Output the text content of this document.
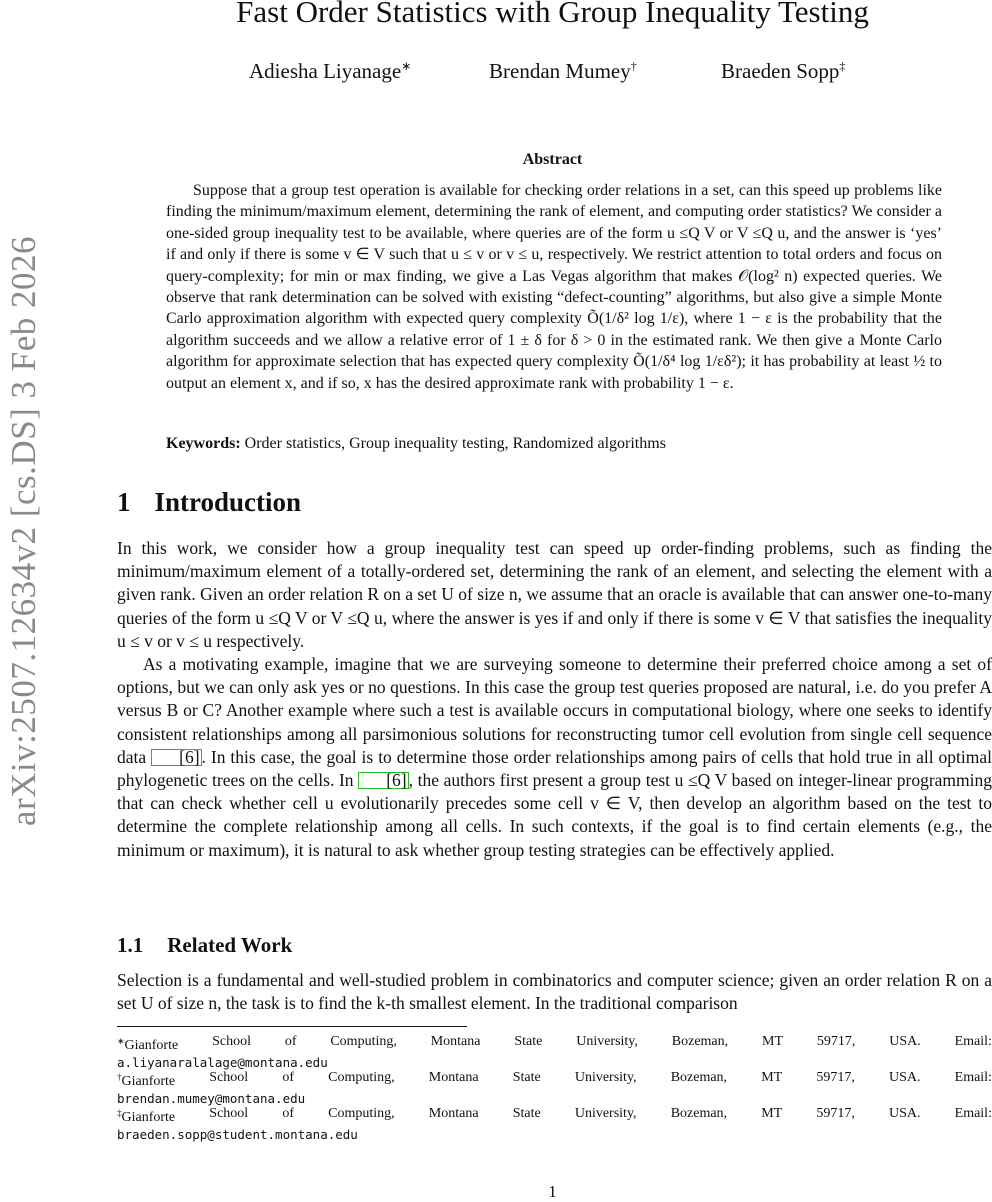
arXiv:2507.12634v2 [cs.DS] 3 Feb 2026
Fast Order Statistics with Group Inequality Testing
Adiesha Liyanage∗	Brendan Mumey†	Braeden Sopp‡
Abstract

Suppose that a group test operation is available for checking order relations in a set, can this speed up problems like finding the minimum/maximum element, determining the rank of element, and computing order statistics? We consider a one-sided group inequality test to be available, where queries are of the form u ≤Q V or V ≤Q u, and the answer is ‘yes’ if and only if there is some v ∈ V such that u ≤ v or v ≤ u, respectively. We restrict attention to total orders and focus on query-complexity; for min or max finding, we give a Las Vegas algorithm that makes 𝒪(log² n) expected queries. We observe that rank determination can be solved with existing “defect-counting” algorithms, but also give a simple Monte Carlo approximation algorithm with expected query complexity Õ(1/δ² log 1/ε), where 1 − ε is the probability that the algorithm succeeds and we allow a relative error of 1 ± δ for δ > 0 in the estimated rank. We then give a Monte Carlo algorithm for approximate selection that has expected query complexity Õ(1/δ⁴ log 1/εδ²); it has probability at least ½ to output an element x, and if so, x has the desired approximate rank with probability 1 − ε.

Keywords: Order statistics, Group inequality testing, Randomized algorithms
1 Introduction

In this work, we consider how a group inequality test can speed up order-finding problems, such as finding the minimum/maximum element of a totally-ordered set, determining the rank of an element, and selecting the element with a given rank. Given an order relation R on a set U of size n, we assume that an oracle is available that can answer one-to-many queries of the form u ≤Q V or V ≤Q u, where the answer is yes if and only if there is some v ∈ V that satisfies the inequality u ≤ v or v ≤ u respectively.

As a motivating example, imagine that we are surveying someone to determine their preferred choice among a set of options, but we can only ask yes or no questions. In this case the group test queries proposed are natural, i.e. do you prefer A versus B or C? Another example where such a test is available occurs in computational biology, where one seeks to identify consistent relationships among all parsimonious solutions for reconstructing tumor cell evolution from single cell sequence data [6] . In this case, the goal is to determine those order relationships among pairs of cells that hold true in all optimal phylogenetic trees on the cells. In [6] , the authors first present a group test u ≤Q V based on integer-linear programming that can check whether cell u evolutionarily precedes some cell v ∈ V, then develop an algorithm based on the test to determine the complete relationship among all cells. In such contexts, if the goal is to find certain elements (e.g., the minimum or maximum), it is natural to ask whether group testing strategies can be effectively applied.

1.1 Related Work

Selection is a fundamental and well-studied problem in combinatorics and computer science; given an order relation R on a set U of size n, the task is to find the k-th smallest element. In the traditional comparison

∗Gianforte School of Computing, Montana State University, Bozeman, MT 59717, USA. Email:
a.liyanaralalage@montana.edu
†Gianforte School of Computing, Montana State University, Bozeman, MT 59717, USA. Email:
brendan.mumey@montana.edu
‡Gianforte School of Computing, Montana State University, Bozeman, MT 59717, USA. Email:
braeden.sopp@student.montana.edu
1
